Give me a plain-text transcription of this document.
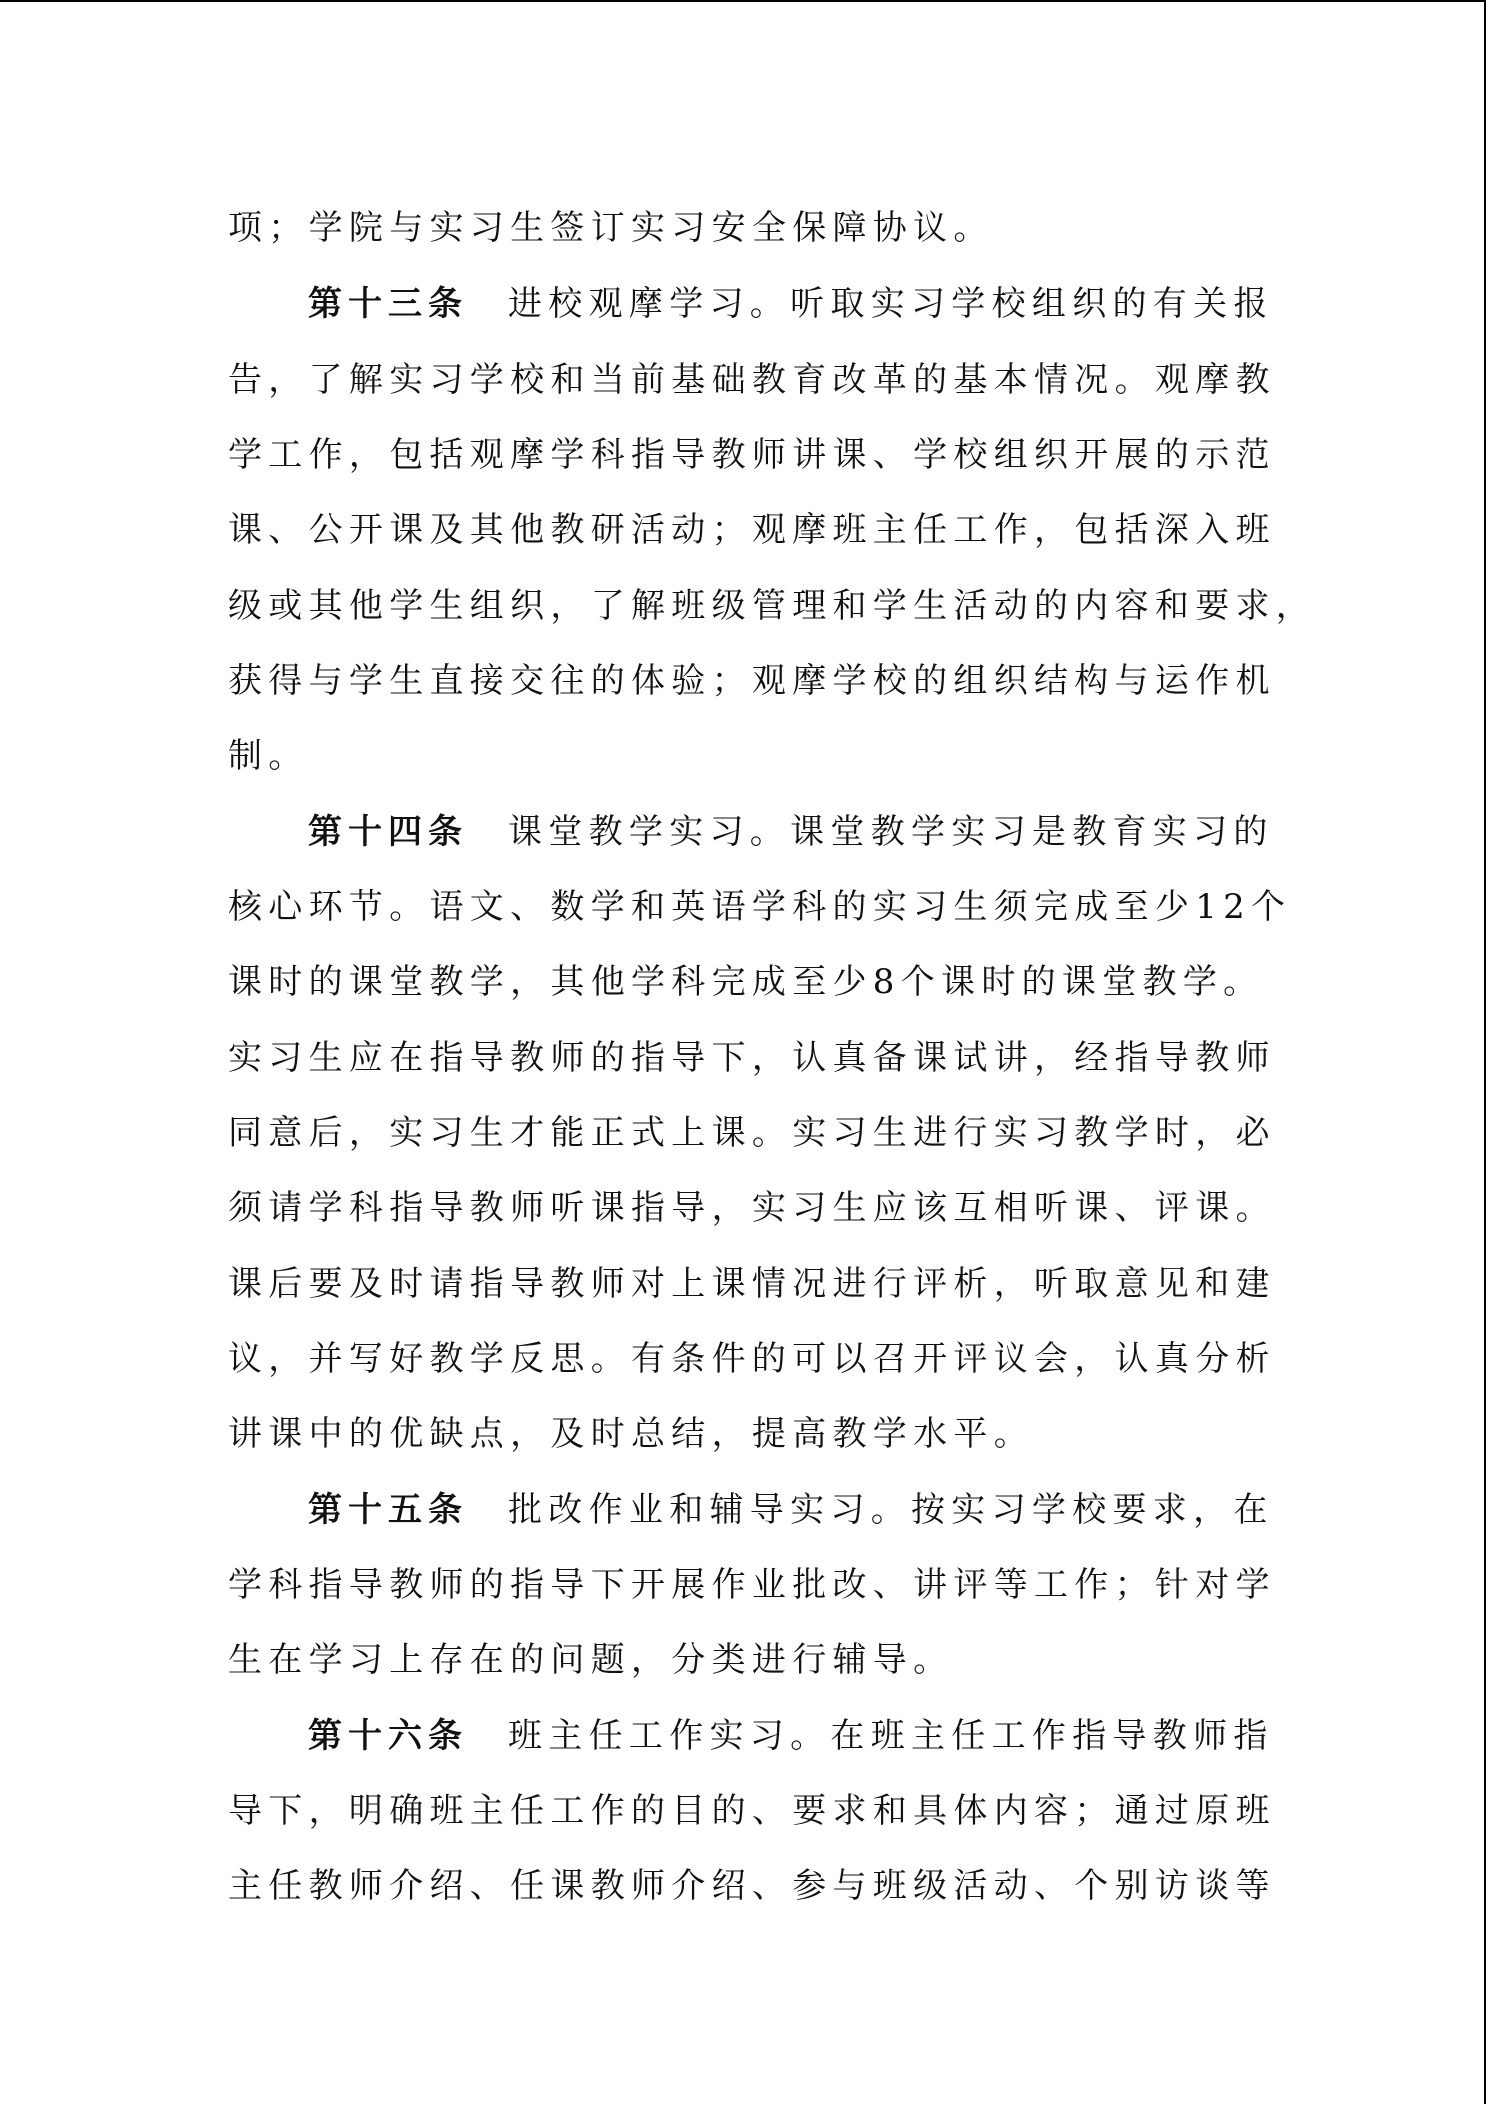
项；学院与实习生签订实习安全保障协议。
第十三条 进校观摩学习。听取实习学校组织的有关报
告，了解实习学校和当前基础教育改革的基本情况。观摩教
学工作，包括观摩学科指导教师讲课、学校组织开展的示范
课、公开课及其他教研活动；观摩班主任工作，包括深入班
级或其他学生组织，了解班级管理和学生活动的内容和要求，
获得与学生直接交往的体验；观摩学校的组织结构与运作机
制。
第十四条 课堂教学实习。课堂教学实习是教育实习的
核心环节。语文、数学和英语学科的实习生须完成至少12个
课时的课堂教学，其他学科完成至少8个课时的课堂教学。
实习生应在指导教师的指导下，认真备课试讲，经指导教师
同意后，实习生才能正式上课。实习生进行实习教学时，必
须请学科指导教师听课指导，实习生应该互相听课、评课。
课后要及时请指导教师对上课情况进行评析，听取意见和建
议，并写好教学反思。有条件的可以召开评议会，认真分析
讲课中的优缺点，及时总结，提高教学水平。
第十五条 批改作业和辅导实习。按实习学校要求，在
学科指导教师的指导下开展作业批改、讲评等工作；针对学
生在学习上存在的问题，分类进行辅导。
第十六条 班主任工作实习。在班主任工作指导教师指
导下，明确班主任工作的目的、要求和具体内容；通过原班
主任教师介绍、任课教师介绍、参与班级活动、个别访谈等
